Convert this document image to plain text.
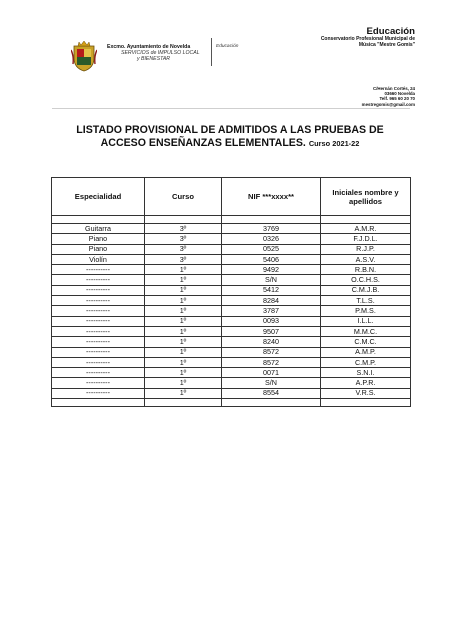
Excmo. Ayuntamiento de Novelda
SERVICIOS de IMPULSO LOCAL
y BIENESTAR
Educación
Educación
Conservatorio Profesional Municipal de
Música "Mestre Gomis"
C/Hernán Cortés, 24
03660 Novelda
Telf. 965 60 20 70
mestregomis@gmail.com
LISTADO PROVISIONAL DE ADMITIDOS A LAS PRUEBAS DE
ACCESO ENSEÑANZAS ELEMENTALES. Curso 2021-22
Especialidad	Curso	NIF ***xxxx**	Iniciales nombre y apellidos

Guitarra	3º	3769	A.M.R.
Piano	3º	0326	F.J.D.L.
Piano	3º	0525	R.J.P.
Violín	3º	5406	A.S.V.
----------	1º	9492	R.B.N.
----------	1º	S/N	O.C.H.S.
----------	1º	5412	C.M.J.B.
----------	1º	8284	T.L.S.
----------	1º	3787	P.M.S.
----------	1º	0093	I.L.L.
----------	1º	9507	M.M.C.
----------	1º	8240	C.M.C.
----------	1º	8572	A.M.P.
----------	1º	8572	C.M.P.
----------	1º	0071	S.N.I.
----------	1º	S/N	A.P.R.
----------	1º	8554	V.R.S.
